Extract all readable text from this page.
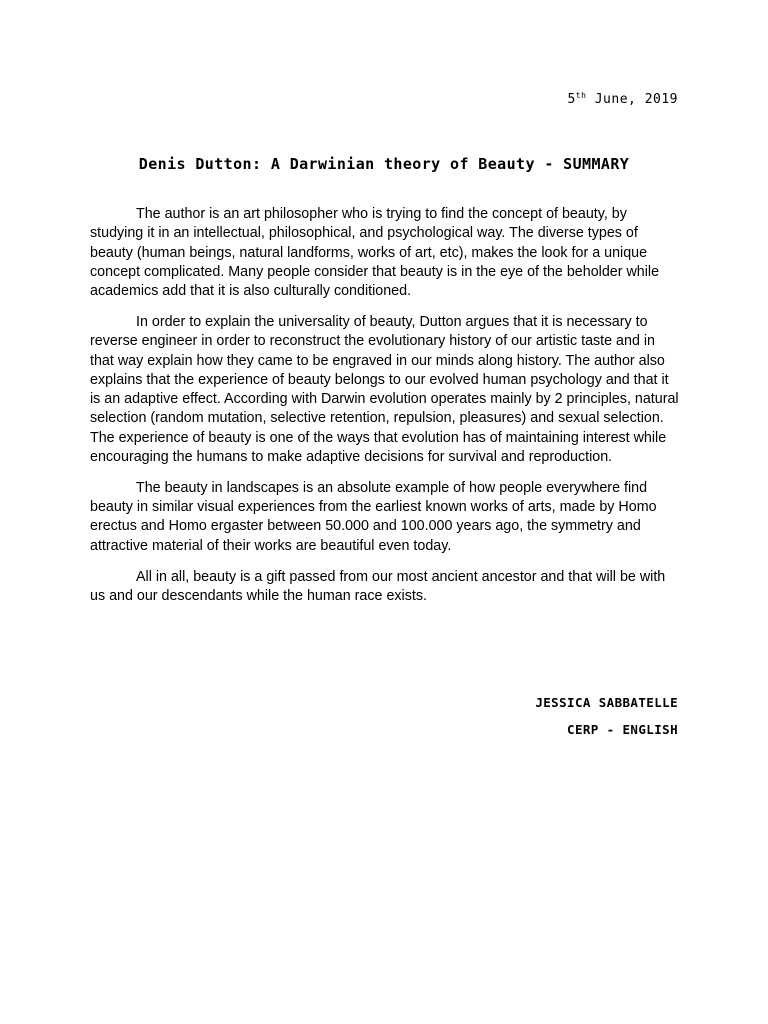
5th June, 2019
Denis Dutton: A Darwinian theory of Beauty - SUMMARY

The author is an art philosopher who is trying to find the concept of beauty, by studying it in an intellectual, philosophical, and psychological way. The diverse types of beauty (human beings, natural landforms, works of art, etc), makes the look for a unique concept complicated. Many people consider that beauty is in the eye of the beholder while academics add that it is also culturally conditioned.

In order to explain the universality of beauty, Dutton argues that it is necessary to reverse engineer in order to reconstruct the evolutionary history of our artistic taste and in that way explain how they came to be engraved in our minds along history. The author also explains that the experience of beauty belongs to our evolved human psychology and that it is an adaptive effect. According with Darwin evolution operates mainly by 2 principles, natural selection (random mutation, selective retention, repulsion, pleasures) and sexual selection. The experience of beauty is one of the ways that evolution has of maintaining interest while encouraging the humans to make adaptive decisions for survival and reproduction.

The beauty in landscapes is an absolute example of how people everywhere find beauty in similar visual experiences from the earliest known works of arts, made by Homo erectus and Homo ergaster between 50.000 and 100.000 years ago, the symmetry and attractive material of their works are beautiful even today.

All in all, beauty is a gift passed from our most ancient ancestor and that will be with us and our descendants while the human race exists.

JESSICA SABBATELLE
CERP - ENGLISH
